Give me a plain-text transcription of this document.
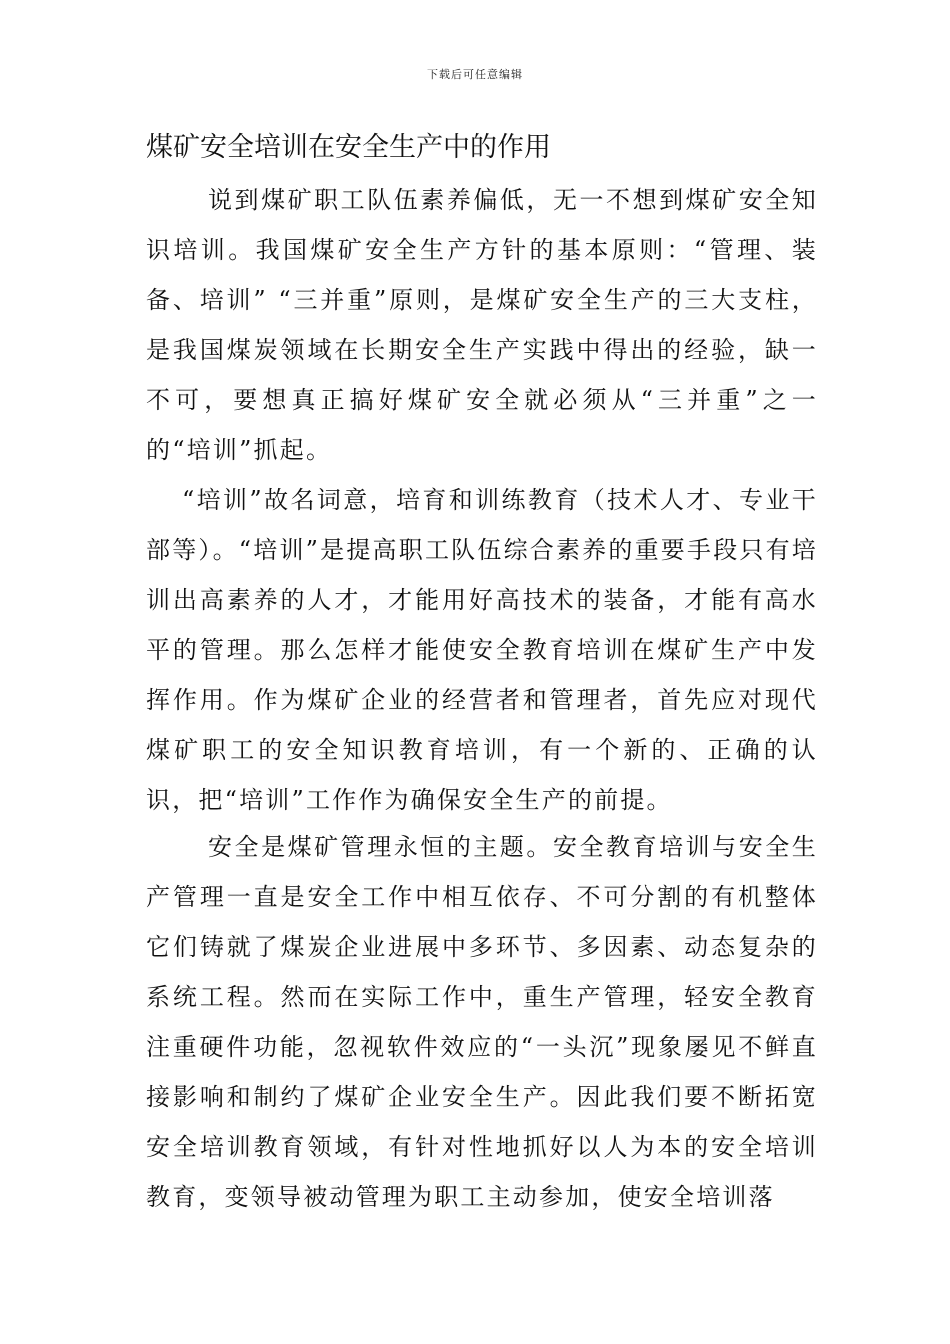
下载后可任意编辑
煤矿安全培训在安全生产中的作用

说到煤矿职工队伍素养偏低，无一不想到煤矿安全知识培训。我国煤矿安全生产方针的基本原则：“管理、装备、培训” “三并重”原则，是煤矿安全生产的三大支柱，是我国煤炭领域在长期安全生产实践中得出的经验，缺一不可，要想真正搞好煤矿安全就必须从“三并重”之一的“培训”抓起。

“培训”故名词意，培育和训练教育（技术人才、专业干部等）。“培训”是提高职工队伍综合素养的重要手段只有培训出高素养的人才，才能用好高技术的装备，才能有高水平的管理。那么怎样才能使安全教育培训在煤矿生产中发挥作用。作为煤矿企业的经营者和管理者，首先应对现代煤矿职工的安全知识教育培训，有一个新的、正确的认识，把“培训”工作作为确保安全生产的前提。

安全是煤矿管理永恒的主题。安全教育培训与安全生产管理一直是安全工作中相互依存、不可分割的有机整体它们铸就了煤炭企业进展中多环节、多因素、动态复杂的系统工程。然而在实际工作中，重生产管理，轻安全教育注重硬件功能，忽视软件效应的“一头沉”现象屡见不鲜直接影响和制约了煤矿企业安全生产。因此我们要不断拓宽安全培训教育领域，有针对性地抓好以人为本的安全培训教育，变领导被动管理为职工主动参加，使安全培训落
